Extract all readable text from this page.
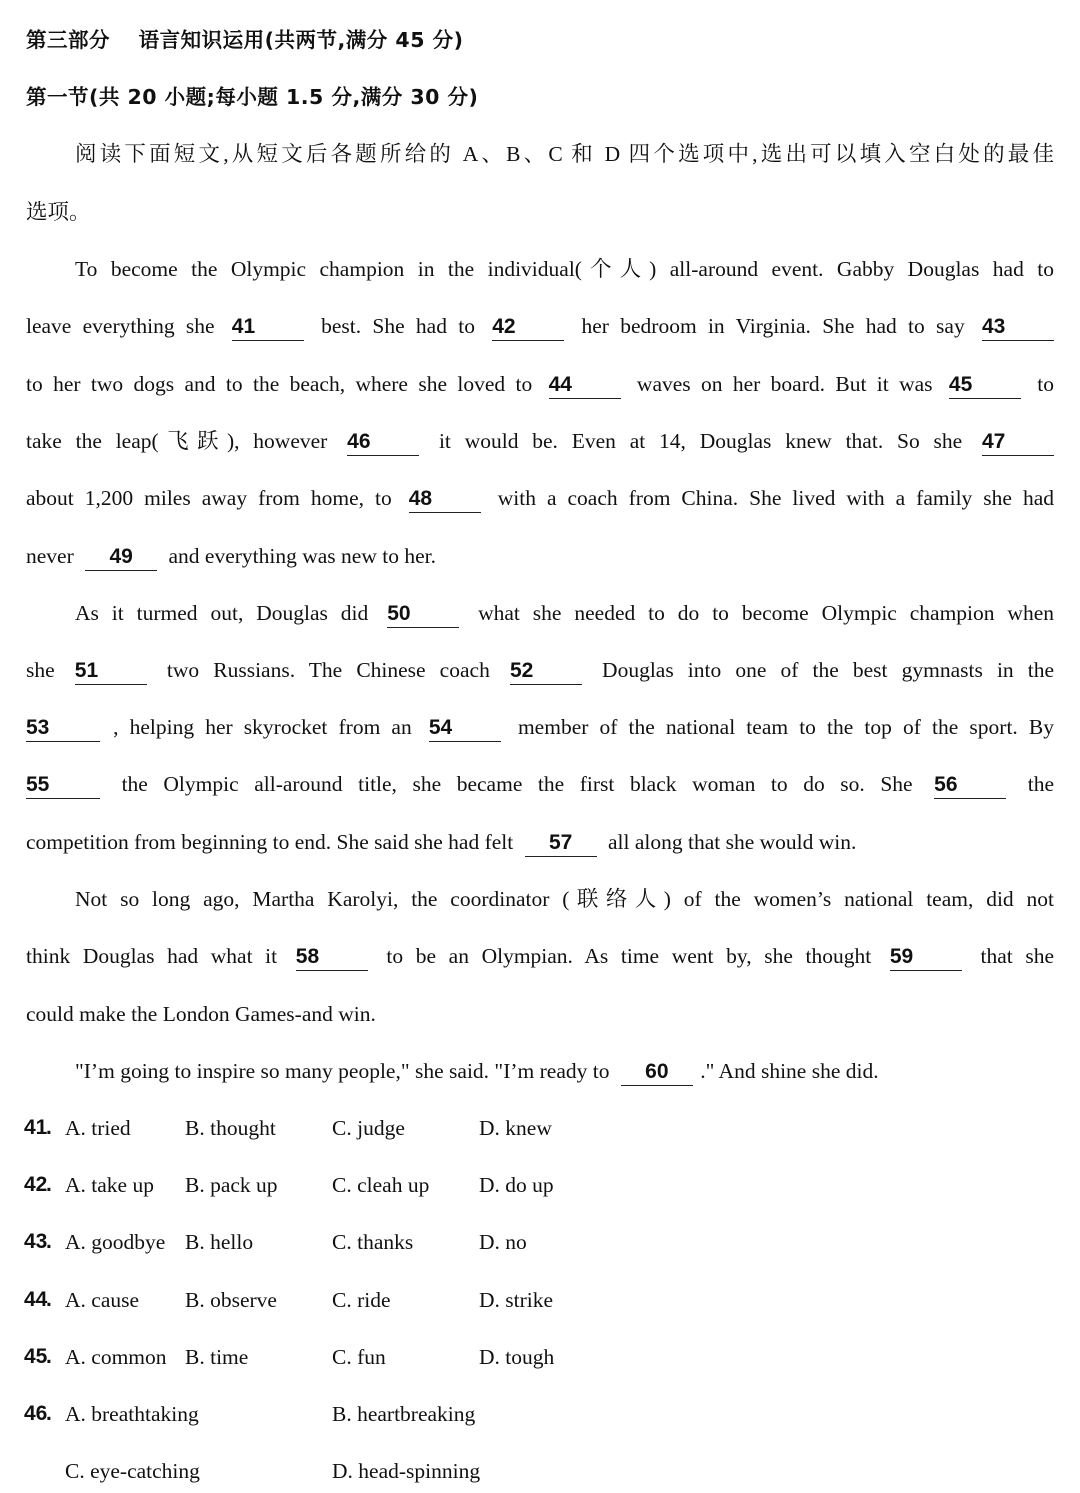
第三部分　 语言知识运用(共两节,满分 45 分)
第一节(共 20 小题;每小题 1.5 分,满分 30 分)
阅读下面短文,从短文后各题所给的 A、B、C 和 D 四个选项中,选出可以填入空白处的最佳
选项。
To become the Olympic champion in the individual(个人) all-around event. Gabby Douglas had to
leave everything she 41	best. She had to 42	her bedroom in Virginia. She had to say 43
to her two dogs and to the beach, where she loved to 44	waves on her board. But it was 45	to
take the leap(飞跃), however 46	it would be. Even at 14, Douglas knew that. So she 47
about 1,200 miles away from home, to 48	with a coach from China. She lived with a family she had
never 49 and everything was new to her.
As it turmed out, Douglas did 50	what she needed to do to become Olympic champion when
she 51	two Russians. The Chinese coach 52	Douglas into one of the best gymnasts in the
53	, helping her skyrocket from an 54	member of the national team to the top of the sport. By
55	the Olympic all-around title, she became the first black woman to do so. She 56	the
competition from beginning to end. She said she had felt 57 all along that she would win.
Not so long ago, Martha Karolyi, the coordinator (联络人) of the women’s national team, did not
think Douglas had what it 58	to be an Olympian. As time went by, she thought 59	that she
could make the London Games-and win.
"I’m going to inspire so many people," she said. "I’m ready to 60 ." And shine she did.
41
. A. tried	B. thought	C. judge	D. knew
42
. A. take up B. pack up	C. cleah up D. do up
43
. A. goodbye B. hello	C. thanks	D. no
44
. A. cause B. observe	C. ride	D. strike
45
. A. common B. time	C. fun	D. tough
46
. A. breathtaking	B. heartbreaking
C. eye-catching	D. head-spinning
